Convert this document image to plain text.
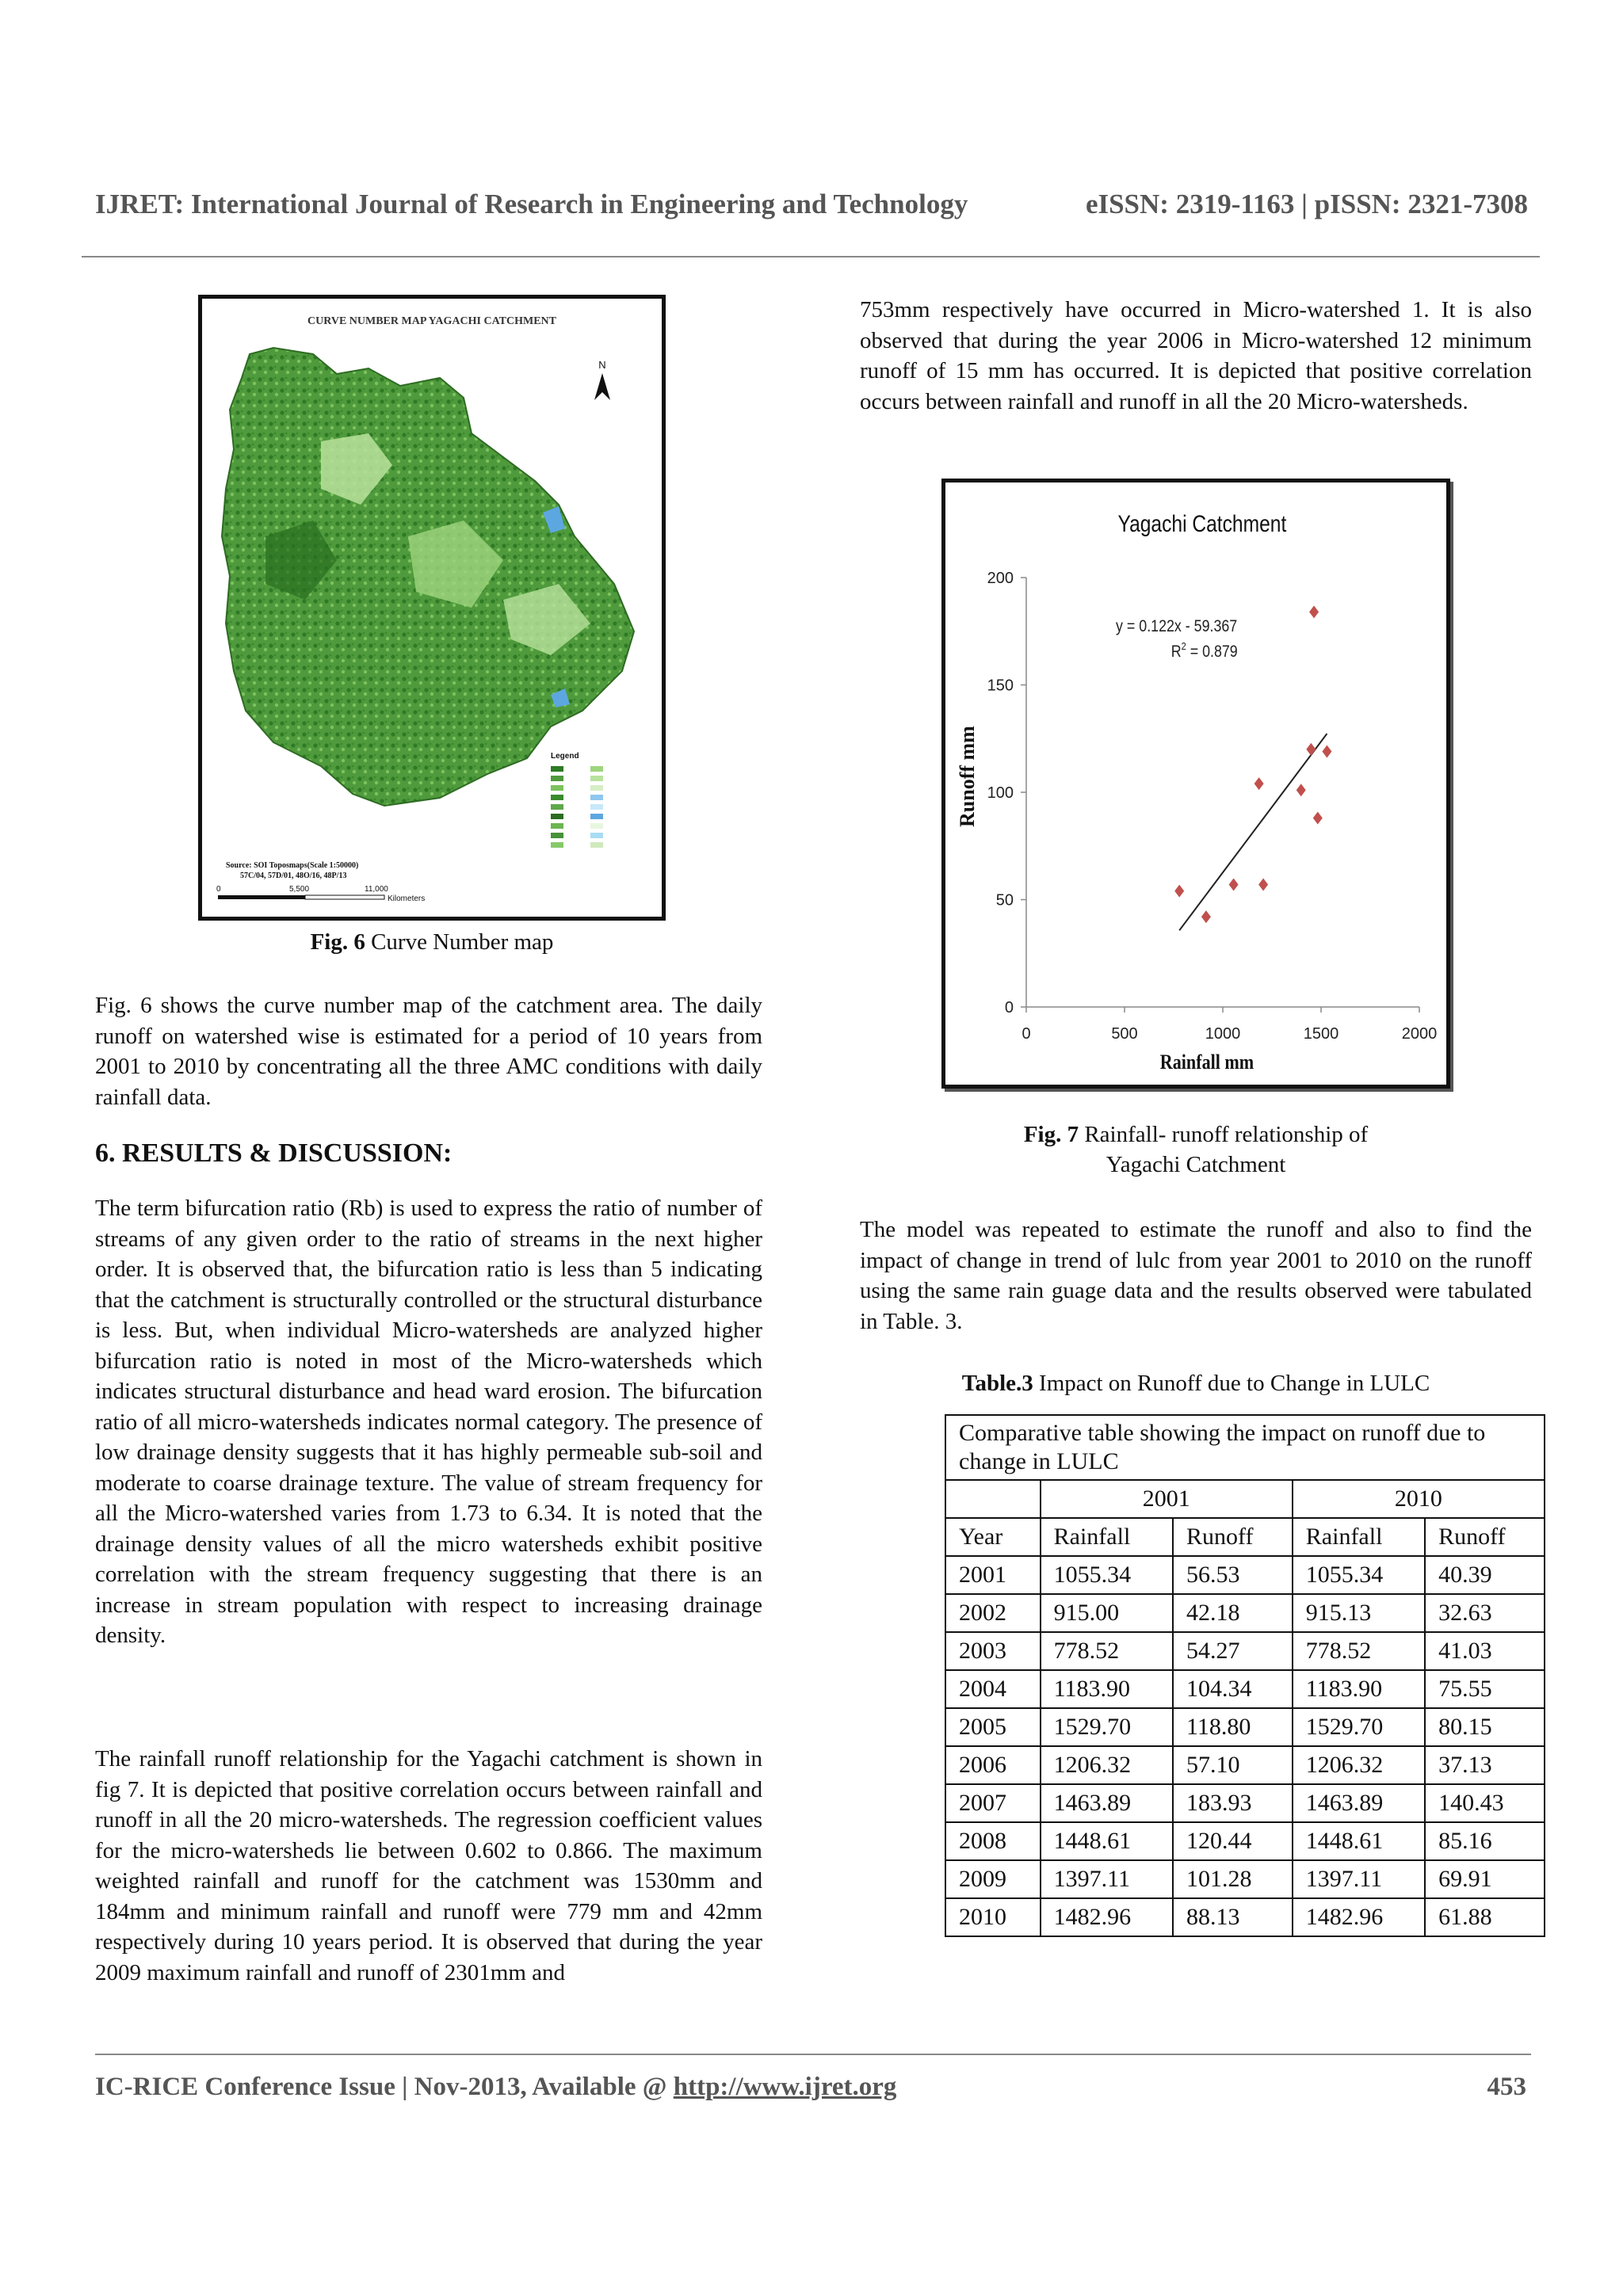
IJRET: International Journal of Research in Engineering and Technology	eISSN: 2319-1163 | pISSN: 2321-7308
CURVE NUMBER MAP YAGACHI CATCHMENT
N
Legend
Source: SOI Toposmaps(Scale 1:50000)
57C/04, 57D/01, 48O/16, 48P/13
0	5,500	11,000
Kilometers
Fig. 6 Curve Number map
Fig. 6 shows the curve number map of the catchment area. The daily runoff on watershed wise is estimated for a period of 10 years from 2001 to 2010 by concentrating all the three AMC conditions with daily rainfall data.
6. RESULTS & DISCUSSION:
The term bifurcation ratio (Rb) is used to express the ratio of number of streams of any given order to the ratio of streams in the next higher order. It is observed that, the bifurcation ratio is less than 5 indicating that the catchment is structurally controlled or the structural disturbance is less. But, when individual Micro-watersheds are analyzed higher bifurcation ratio is noted in most of the Micro-watersheds which indicates structural disturbance and head ward erosion. The bifurcation ratio of all micro-watersheds indicates normal category. The presence of low drainage density suggests that it has highly permeable sub-soil and moderate to coarse drainage texture. The value of stream frequency for all the Micro-watershed varies from 1.73 to 6.34. It is noted that the drainage density values of all the micro watersheds exhibit positive correlation with the stream frequency suggesting that there is an increase in stream population with respect to increasing drainage density.
The rainfall runoff relationship for the Yagachi catchment is shown in fig 7. It is depicted that positive correlation occurs between rainfall and runoff in all the 20 micro-watersheds. The regression coefficient values for the micro-watersheds lie between 0.602 to 0.866. The maximum weighted rainfall and runoff for the catchment was 1530mm and 184mm and minimum rainfall and runoff were 779 mm and 42mm respectively during 10 years period. It is observed that during the year 2009 maximum rainfall and runoff of 2301mm and
753mm respectively have occurred in Micro-watershed 1. It is also observed that during the year 2006 in Micro-watershed 12 minimum runoff of 15 mm has occurred. It is depicted that positive correlation occurs between rainfall and runoff in all the 20 Micro-watersheds.
Yagachi Catchment
0
50
100
150
200
0	500	1000	1500	2000
y = 0.122x - 59.367
$R^2 = 0.879$
Runoff mm
Rainfall mm
Fig. 7 Rainfall- runoff relationship of
Yagachi Catchment
The model was repeated to estimate the runoff and also to find the impact of change in trend of lulc from year 2001 to 2010 on the runoff using the same rain guage data and the results observed were tabulated in Table. 3.
Table.3 Impact on Runoff due to Change in LULC
Comparative table showing the impact on runoff due to change in LULC				
	2001		2010	
Year	Rainfall	Runoff	Rainfall	Runoff
2001	1055.34	56.53	1055.34	40.39
2002	915.00	42.18	915.13	32.63
2003	778.52	54.27	778.52	41.03
2004	1183.90	104.34	1183.90	75.55
2005	1529.70	118.80	1529.70	80.15
2006	1206.32	57.10	1206.32	37.13
2007	1463.89	183.93	1463.89	140.43
2008	1448.61	120.44	1448.61	85.16
2009	1397.11	101.28	1397.11	69.91
2010	1482.96	88.13	1482.96	61.88
IC-RICE Conference Issue | Nov-2013, Available @ http://www.ijret.org	453
